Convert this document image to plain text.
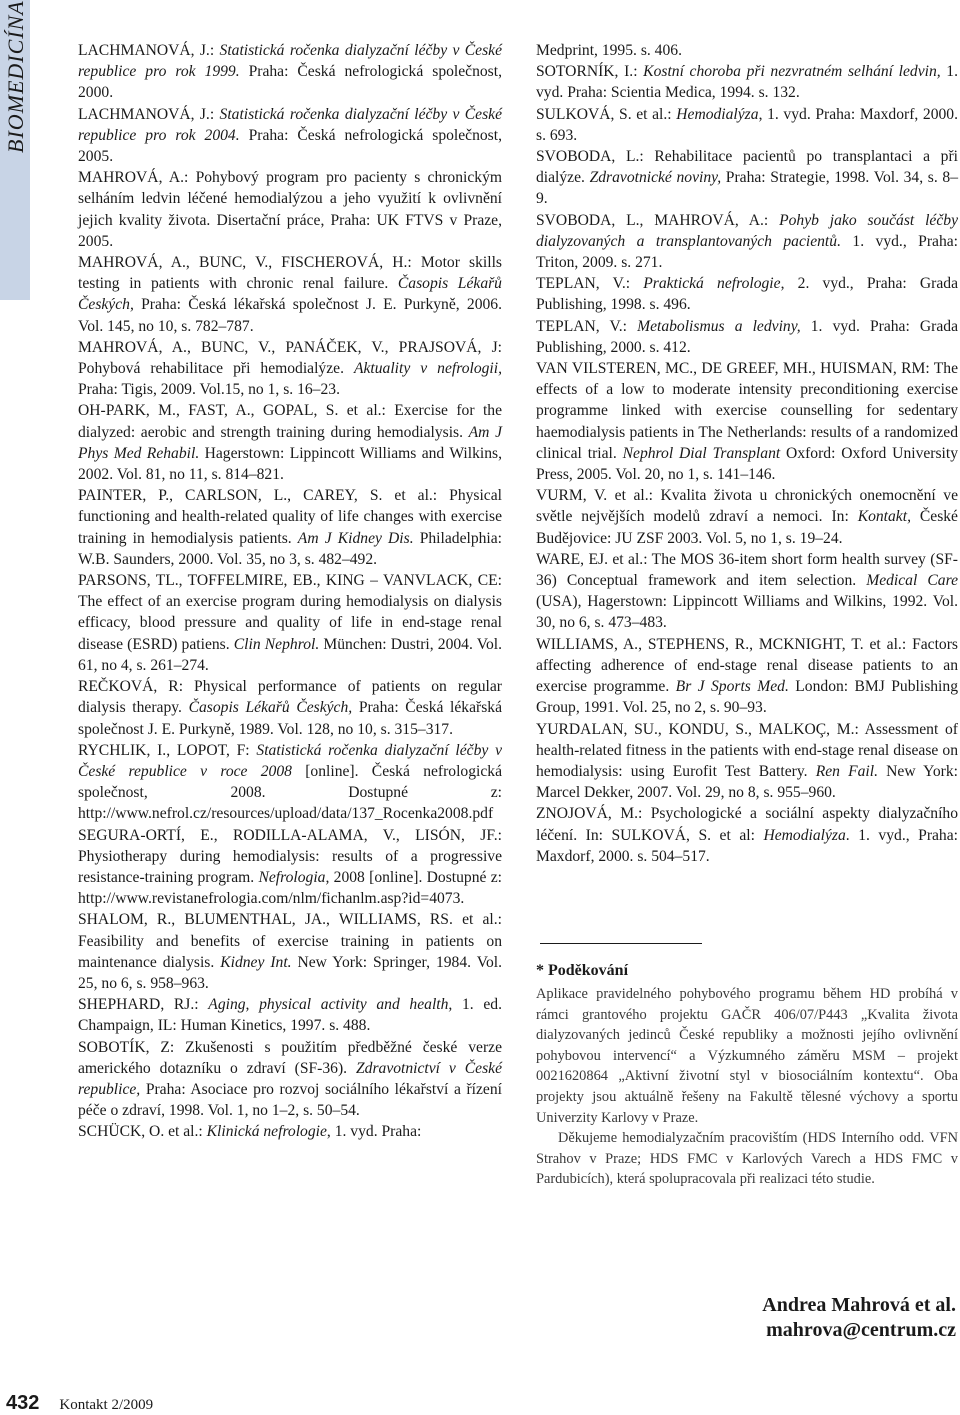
BIOMEDICÍNA	LACHMANOVÁ, J.: Statistická ročenka dialyzační léčby v České republice pro rok 1999. Praha: Česká nefrologická společnost, 2000.

LACHMANOVÁ, J.: Statistická ročenka dialyzační léčby v České republice pro rok 2004. Praha: Česká nefrologická společnost, 2005.

MAHROVÁ, A.: Pohybový program pro pacienty s chronickým selháním ledvin léčené hemodialýzou a jeho využití k ovlivnění jejich kvality života. Disertační práce, Praha: UK FTVS v Praze, 2005.

MAHROVÁ, A., BUNC, V., FISCHEROVÁ, H.: Motor skills testing in patients with chronic renal failure. Časopis Lékařů Českých, Praha: Česká lékařská společnost J. E. Purkyně, 2006. Vol. 145, no 10, s. 782–787.

MAHROVÁ, A., BUNC, V., PANÁČEK, V., PRAJSOVÁ, J: Pohybová rehabilitace při hemodialýze. Aktuality v nefrologii, Praha: Tigis, 2009. Vol.15, no 1, s. 16–23.

OH-PARK, M., FAST, A., GOPAL, S. et al.: Exercise for the dialyzed: aerobic and strength training during hemodialysis. Am J Phys Med Rehabil. Hagerstown: Lippincott Williams and Wilkins, 2002. Vol. 81, no 11, s. 814–821.

PAINTER, P., CARLSON, L., CAREY, S. et al.: Physical functioning and health-related quality of life changes with exercise training in hemodialysis patients. Am J Kidney Dis. Philadelphia: W.B. Saunders, 2000. Vol. 35, no 3, s. 482–492.

PARSONS, TL., TOFFELMIRE, EB., KING – VANVLACK, CE: The effect of an exercise program during hemodialysis on dialysis efficacy, blood pressure and quality of life in end-stage renal disease (ESRD) patiens. Clin Nephrol. München: Dustri, 2004. Vol. 61, no 4, s. 261–274.

REČKOVÁ, R: Physical performance of patients on regular dialysis therapy. Časopis Lékařů Českých, Praha: Česká lékařská společnost J. E. Purkyně, 1989. Vol. 128, no 10, s. 315–317.

RYCHLIK, I., LOPOT, F: Statistická ročenka dialyzační léčby v České republice v roce 2008 [online]. Česká nefrologická společnost, 2008. Dostupné z: http://www.nefrol.cz/resources/upload/data/137_Rocenka2008.pdf

SEGURA-ORTÍ, E., RODILLA-ALAMA, V., LISÓN, JF.: Physiotherapy during hemodialysis: results of a progressive resistance-training program. Nefrologia, 2008 [online]. Dostupné z: http://www.revistanefrologia.com/nlm/fichanlm.asp?id=4073.

SHALOM, R., BLUMENTHAL, JA., WILLIAMS, RS. et al.: Feasibility and benefits of exercise training in patients on maintenance dialysis. Kidney Int. New York: Springer, 1984. Vol. 25, no 6, s. 958–963.

SHEPHARD, RJ.: Aging, physical activity and health, 1. ed. Champaign, IL: Human Kinetics, 1997. s. 488.

SOBOTÍK, Z: Zkušenosti s použitím předběžné české verze amerického dotazníku o zdraví (SF-36). Zdravotnictví v České republice, Praha: Asociace pro rozvoj sociálního lékařství a řízení péče o zdraví, 1998. Vol. 1, no 1–2, s. 50–54.

SCHÜCK, O. et al.: Klinická nefrologie, 1. vyd. Praha:

Medprint, 1995. s. 406.

SOTORNÍK, I.: Kostní choroba při nezvratném selhání ledvin, 1. vyd. Praha: Scientia Medica, 1994. s. 132.

SULKOVÁ, S. et al.: Hemodialýza, 1. vyd. Praha: Maxdorf, 2000. s. 693.

SVOBODA, L.: Rehabilitace pacientů po transplantaci a při dialýze. Zdravotnické noviny, Praha: Strategie, 1998. Vol. 34, s. 8–9.

SVOBODA, L., MAHROVÁ, A.: Pohyb jako součást léčby dialyzovaných a transplantovaných pacientů. 1. vyd., Praha: Triton, 2009. s. 271.

TEPLAN, V.: Praktická nefrologie, 2. vyd., Praha: Grada Publishing, 1998. s. 496.

TEPLAN, V.: Metabolismus a ledviny, 1. vyd. Praha: Grada Publishing, 2000. s. 412.

VAN VILSTEREN, MC., DE GREEF, MH., HUISMAN, RM: The effects of a low to moderate intensity preconditioning exercise programme linked with exercise counselling for sedentary haemodialysis patients in The Netherlands: results of a randomized clinical trial. Nephrol Dial Transplant Oxford: Oxford University Press, 2005. Vol. 20, no 1, s. 141–146.

VURM, V. et al.: Kvalita života u chronických onemocnění ve světle nejvějších modelů zdraví a nemoci. In: Kontakt, České Budějovice: JU ZSF 2003. Vol. 5, no 1, s. 19–24.

WARE, EJ. et al.: The MOS 36-item short form health survey (SF-36) Conceptual framework and item selection. Medical Care (USA), Hagerstown: Lippincott Williams and Wilkins, 1992. Vol. 30, no 6, s. 473–483.

WILLIAMS, A., STEPHENS, R., MCKNIGHT, T. et al.: Factors affecting adherence of end-stage renal disease patients to an exercise programme. Br J Sports Med. London: BMJ Publishing Group, 1991. Vol. 25, no 2, s. 90–93.

YURDALAN, SU., KONDU, S., MALKOÇ, M.: Assessment of health-related fitness in the patients with end-stage renal disease on hemodialysis: using Eurofit Test Battery. Ren Fail. New York: Marcel Dekker, 2007. Vol. 29, no 8, s. 955–960.

ZNOJOVÁ, M.: Psychologické a sociální aspekty dialyzačního léčení. In: SULKOVÁ, S. et al: Hemodialýza. 1. vyd., Praha: Maxdorf, 2000. s. 504–517.

* Poděkování

Aplikace pravidelného pohybového programu během HD probíhá v rámci grantového projektu GAČR 406/07/P443 „Kvalita života dialyzovaných jedinců České republiky a možnosti jejího ovlivnění pohybovou intervencí“ a Výzkumného záměru MSM – projekt 0021620864 „Aktivní životní styl v biosociálním kontextu“. Oba projekty jsou aktuálně řešeny na Fakultě tělesné výchovy a sportu Univerzity Karlovy v Praze.

Děkujeme hemodialyzačním pracovištím (HDS Interního odd. VFN Strahov v Praze; HDS FMC v Karlových Varech a HDS FMC v Pardubicích), která spolupracovala při realizaci této studie.

Andrea Mahrová et al.
mahrova@centrum.cz
432 Kontakt 2/2009
